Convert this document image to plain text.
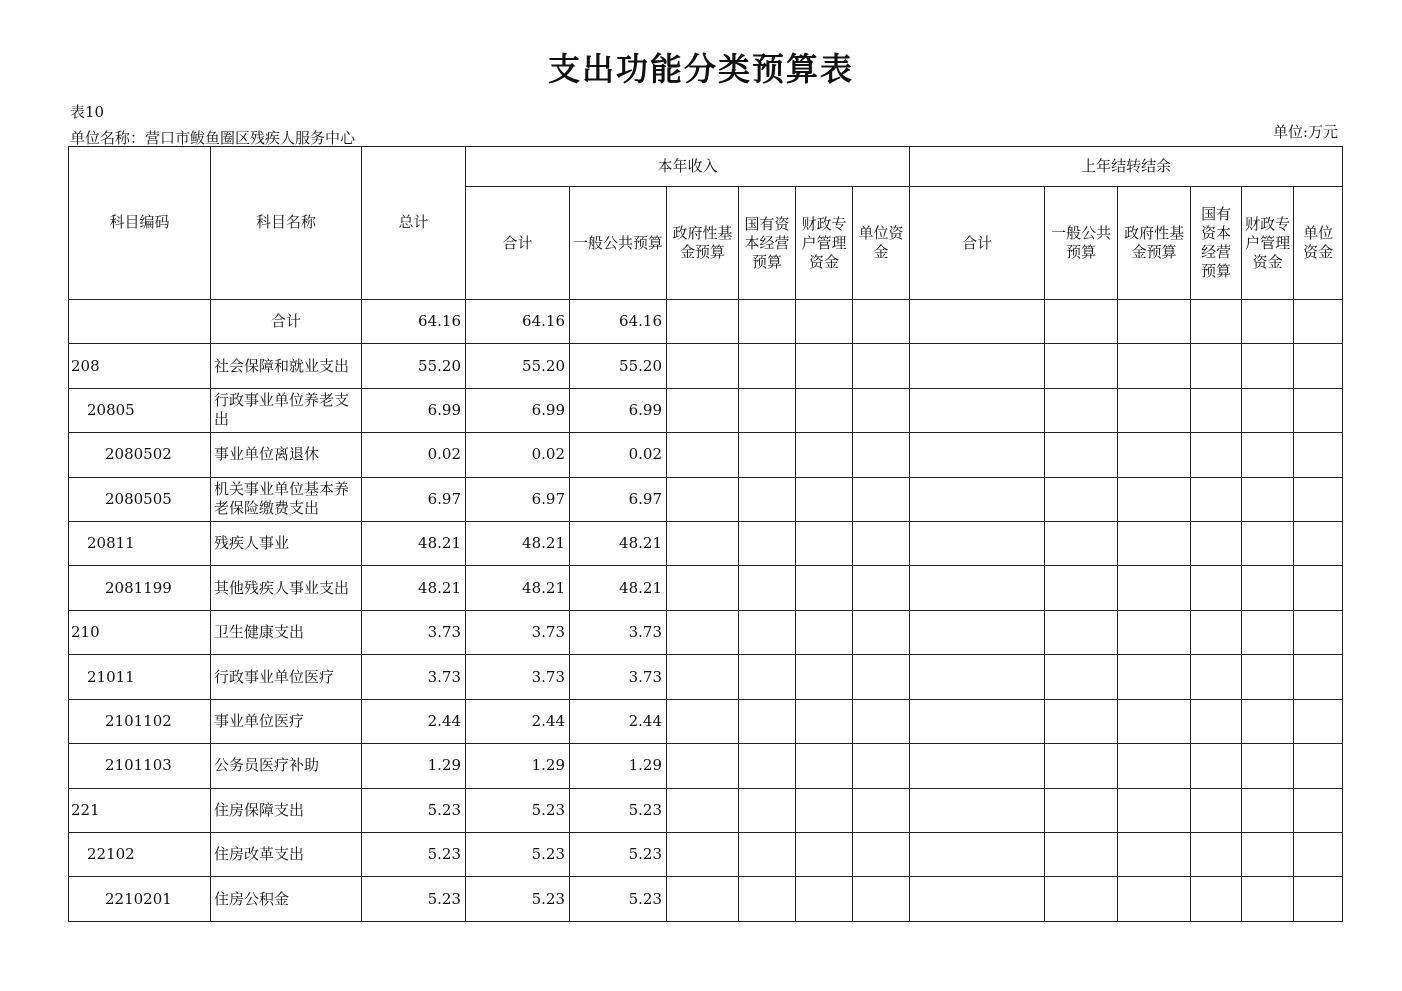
支出功能分类预算表
表10
单位名称：营口市鲅鱼圈区残疾人服务中心	单位:万元
科目编码	科目名称	总计	本年收入						上年结转结余					
			合计	一般公共预算	政府性基金预算	国有资本经营预算	财政专户管理资金	单位资金	合计	一般公共预算	政府性基金预算	国有资本经营预算	财政专户管理资金	单位资金
	合计	64.16	64.16	64.16										
208	社会保障和就业支出	55.20	55.20	55.20										
20805	行政事业单位养老支出	6.99	6.99	6.99										
2080502	事业单位离退休	0.02	0.02	0.02										
2080505	机关事业单位基本养老保险缴费支出	6.97	6.97	6.97										
20811	残疾人事业	48.21	48.21	48.21										
2081199	其他残疾人事业支出	48.21	48.21	48.21										
210	卫生健康支出	3.73	3.73	3.73										
21011	行政事业单位医疗	3.73	3.73	3.73										
2101102	事业单位医疗	2.44	2.44	2.44										
2101103	公务员医疗补助	1.29	1.29	1.29										
221	住房保障支出	5.23	5.23	5.23										
22102	住房改革支出	5.23	5.23	5.23										
2210201	住房公积金	5.23	5.23	5.23										
